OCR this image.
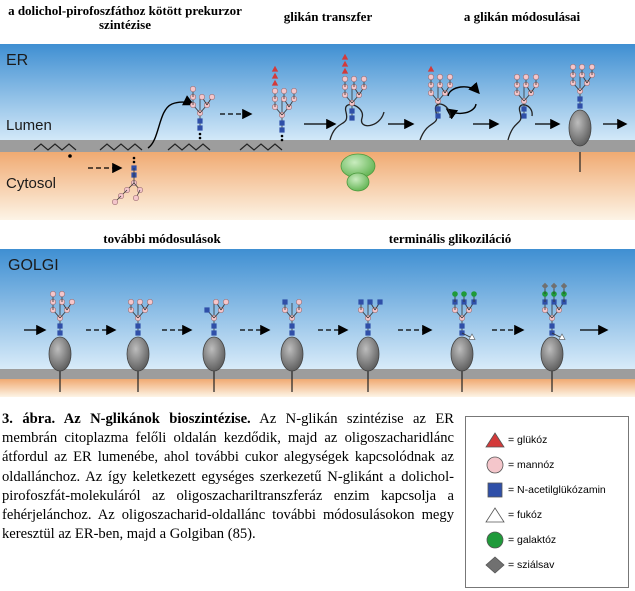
ER
Lumen
Cytosol
GOLGI
a dolichol-pirofoszfáthoz kötött prekurzor szintézise
glikán transzfer	a glikán módosulásai
további módosulások	terminális glikoziláció
3. ábra. Az N-glikánok bioszintézise. Az N-glikán szintézise az ER membrán citoplazma felőli oldalán kezdődik, majd az oligoszacharidlánc átfordul az ER lumenébe, ahol további cukor alegységek kapcsolódnak az oldallánchoz. Az így keletkezett egységes szerkezetű N-glikánt a dolichol-pirofoszfát-molekuláról az oligoszachariltranszferáz enzim kapcsolja a fehérjelánchoz. Az oligoszacharid-oldallánc további módosulásokon megy keresztül az ER-ben, majd a Golgiban (85).
= glükóz
= mannóz
= N-acetilglükózamin
= fukóz
= galaktóz
= sziálsav
